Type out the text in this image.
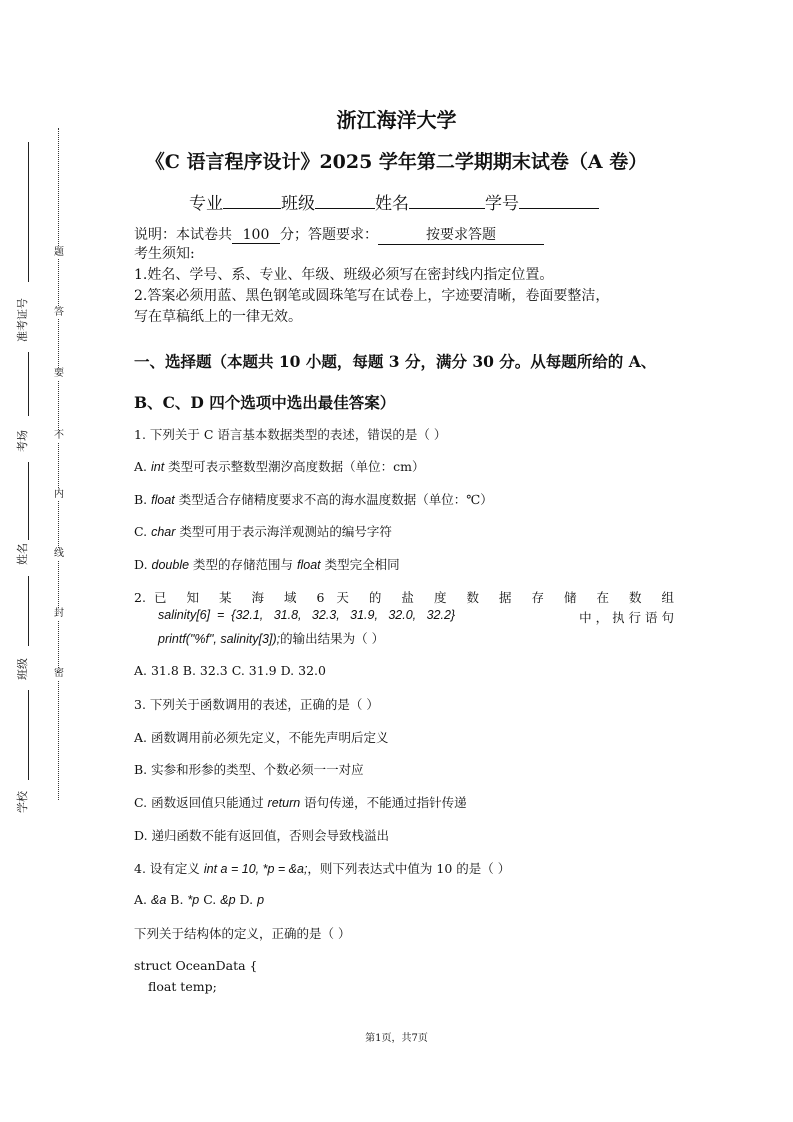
题
答
要
不
内
线
封
密
准考证号
考场
姓名
班级
学校
浙江海洋大学
《C 语言程序设计》2025 学年第二学期期末试卷（A 卷）
专业	班级	姓名	学号
说明：本试卷共 100 分；答题要求：	按要求答题
考生须知:
1.姓名、学号、系、专业、年级、班级必须写在密封线内指定位置。
2.答案必须用蓝、黑色钢笔或圆珠笔写在试卷上，字迹要清晰，卷面要整洁，
写在草稿纸上的一律无效。
一、选择题（本题共 10 小题，每题 3 分，满分 30 分。从每题所给的 A、
B、C、D 四个选项中选出最佳答案）
1. 下列关于 C 语言基本数据类型的表述，错误的是（ ）
A. int 类型可表示整数型潮汐高度数据（单位：cm）
B. float 类型适合存储精度要求不高的海水温度数据（单位：℃）
C. char 类型可用于表示海洋观测站的编号字符
D. double 类型的存储范围与 float 类型完全相同
2.已 知 某 海 域 6 天 的 盐 度 数 据 存 储 在 数 组
salinity[6]  =  {32.1,   31.8,   32.3,   31.9,   32.0,   32.2}	中 ， 执 行 语 句
printf("%f", salinity[3]);的输出结果为（ ）
A. 31.8 B. 32.3 C. 31.9 D. 32.0
3. 下列关于函数调用的表述，正确的是（ ）
A. 函数调用前必须先定义，不能先声明后定义
B. 实参和形参的类型、个数必须一一对应
C. 函数返回值只能通过 return 语句传递，不能通过指针传递
D. 递归函数不能有返回值，否则会导致栈溢出
4. 设有定义 int a = 10, *p = &a;，则下列表达式中值为 10 的是（ ）
A. &a B. *p C. &p D. p
下列关于结构体的定义，正确的是（ ）
struct OceanData {
float temp;
第1页，共7页
